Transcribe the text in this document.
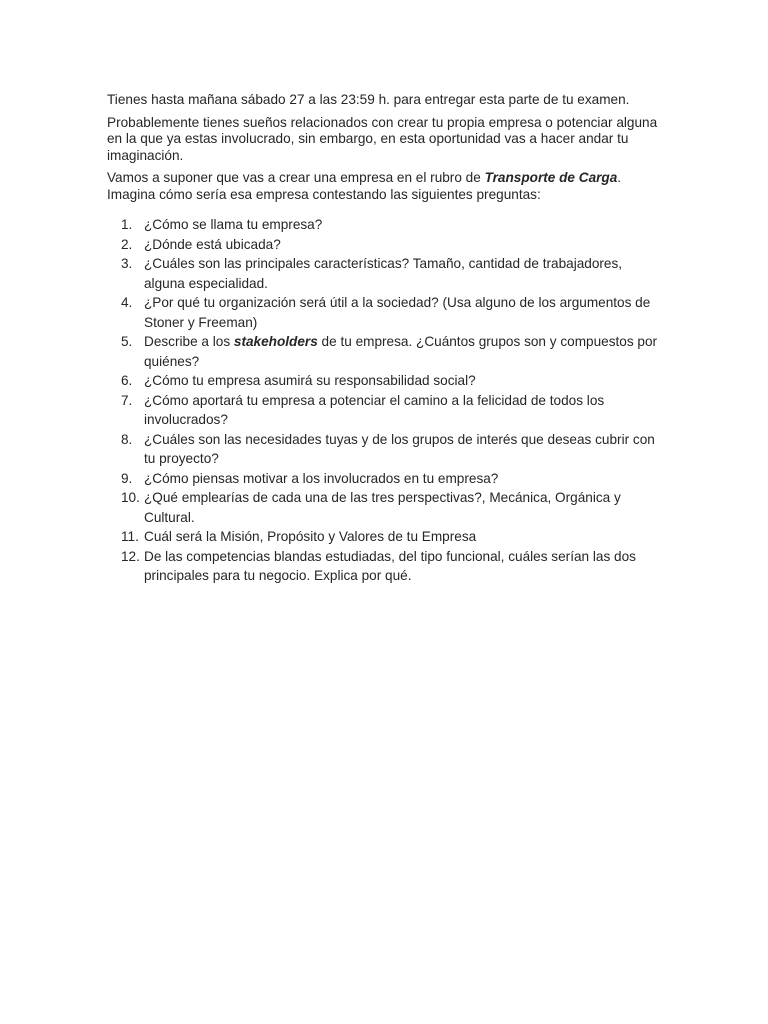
Tienes hasta mañana sábado 27 a las 23:59 h. para entregar esta parte de tu examen.

Probablemente tienes sueños relacionados con crear tu propia empresa o potenciar alguna en la que ya estas involucrado, sin embargo, en esta oportunidad vas a hacer andar tu imaginación.

Vamos a suponer que vas a crear una empresa en el rubro de Transporte de Carga. Imagina cómo sería esa empresa contestando las siguientes preguntas:

1. ¿Cómo se llama tu empresa?
2. ¿Dónde está ubicada?
3. ¿Cuáles son las principales características? Tamaño, cantidad de trabajadores, alguna especialidad.
4. ¿Por qué tu organización será útil a la sociedad? (Usa alguno de los argumentos de Stoner y Freeman)
5. Describe a los stakeholders de tu empresa. ¿Cuántos grupos son y compuestos por quiénes?
6. ¿Cómo tu empresa asumirá su responsabilidad social?
7. ¿Cómo aportará tu empresa a potenciar el camino a la felicidad de todos los involucrados?
8. ¿Cuáles son las necesidades tuyas y de los grupos de interés que deseas cubrir con tu proyecto?
9. ¿Cómo piensas motivar a los involucrados en tu empresa?
10. ¿Qué emplearías de cada una de las tres perspectivas?, Mecánica, Orgánica y Cultural.
11. Cuál será la Misión, Propósito y Valores de tu Empresa
12. De las competencias blandas estudiadas, del tipo funcional, cuáles serían las dos principales para tu negocio. Explica por qué.
